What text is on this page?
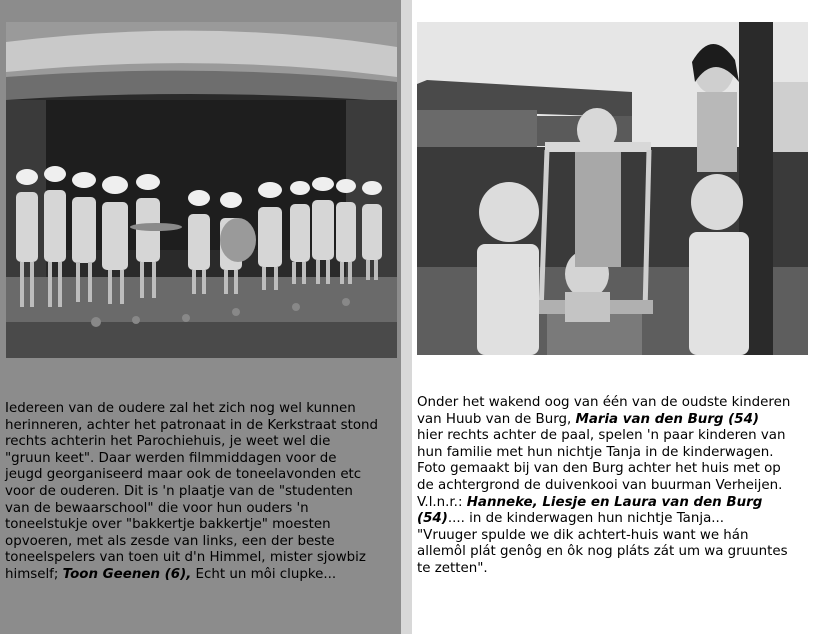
Iedereen van de oudere zal het zich nog wel kunnen
herinneren, achter het patronaat in de Kerkstraat stond
rechts achterin het Parochiehuis, je weet wel die
"gruun keet". Daar werden filmmiddagen voor de
jeugd georganiseerd maar ook de toneelavonden etc
voor de ouderen. Dit is 'n plaatje van de "studenten
van de bewaarschool" die voor hun ouders 'n
toneelstukje over "bakkertje bakkertje" moesten
opvoeren, met als zesde van links, een der beste
toneelspelers van toen uit d'n Himmel, mister sjowbiz
himself; Toon Geenen (6), Echt un môi clupke...

Onder het wakend oog van één van de oudste kinderen
van Huub van de Burg, Maria van den Burg (54)
hier rechts achter de paal, spelen 'n paar kinderen van
hun familie met hun nichtje Tanja in de kinderwagen.
Foto gemaakt bij van den Burg achter het huis met op
de achtergrond de duivenkooi van buurman Verheijen.
V.l.n.r.: Hanneke, Liesje en Laura van den Burg
(54).... in de kinderwagen hun nichtje Tanja...
"Vruuger spulde we dik achtert-huis want we hán
allemôl plát genôg en ôk nog pláts zát um wa gruuntes
te zetten".
